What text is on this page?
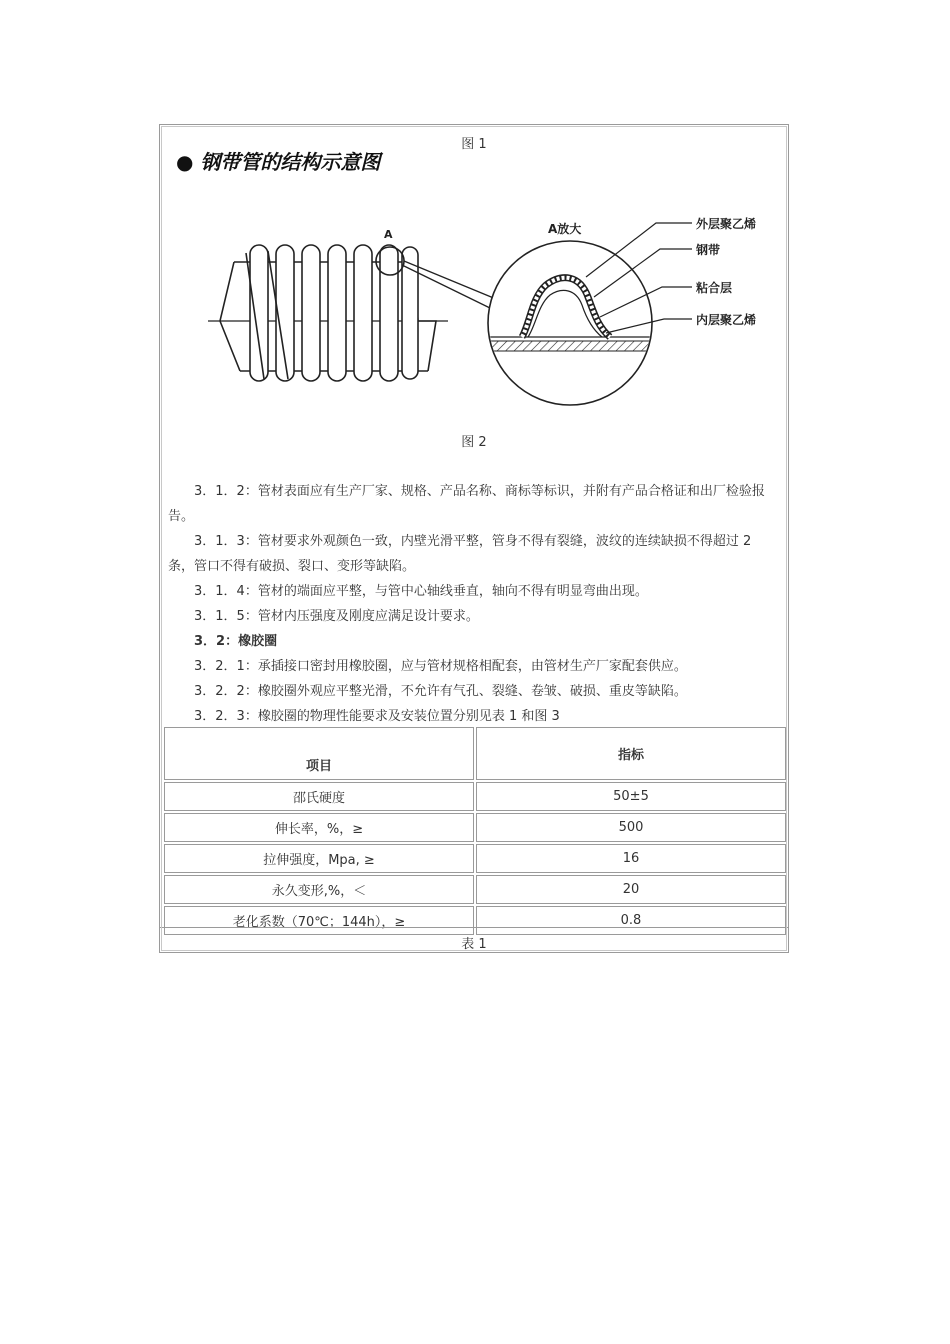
图 1
● 钢带管的结构示意图
A	A放大	外层聚乙烯
钢带
粘合层
内层聚乙烯
图 2

3．1．2：管材表面应有生产厂家、规格、产品名称、商标等标识，并附有产品合格证和出厂检验报告。

3．1．3：管材要求外观颜色一致，内壁光滑平整，管身不得有裂缝，波纹的连续缺损不得超过 2 条，管口不得有破损、裂口、变形等缺陷。

3．1．4：管材的端面应平整，与管中心轴线垂直，轴向不得有明显弯曲出现。

3．1．5：管材内压强度及刚度应满足设计要求。

3．2：橡胶圈

3．2．1：承插接口密封用橡胶圈，应与管材规格相配套，由管材生产厂家配套供应。

3．2．2：橡胶圈外观应平整光滑，不允许有气孔、裂缝、卷皱、破损、重皮等缺陷。

3．2．3：橡胶圈的物理性能要求及安装位置分别见表 1 和图 3

项目	指标
邵氏硬度	50±5
伸长率，%，≥	500
拉伸强度，Mpa, ≥	16
永久变形,%，＜	20
老化系数（70℃；144h），≥	0.8
表 1
